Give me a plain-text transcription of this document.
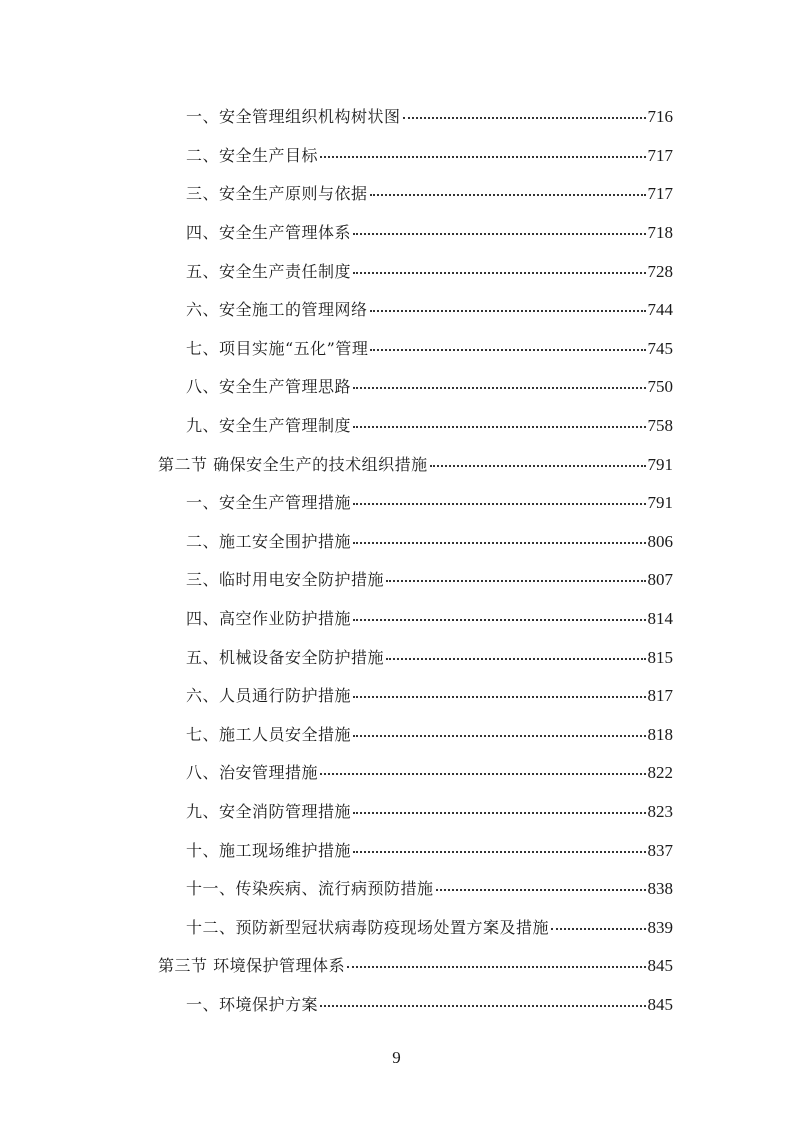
一、安全管理组织机构树状图	716
二、安全生产目标	717
三、安全生产原则与依据	717
四、安全生产管理体系	718
五、安全生产责任制度	728
六、安全施工的管理网络	744
七、项目实施“五化”管理	745
八、安全生产管理思路	750
九、安全生产管理制度	758
第二节 确保安全生产的技术组织措施	791
一、安全生产管理措施	791
二、施工安全围护措施	806
三、临时用电安全防护措施	807
四、高空作业防护措施	814
五、机械设备安全防护措施	815
六、人员通行防护措施	817
七、施工人员安全措施	818
八、治安管理措施	822
九、安全消防管理措施	823
十、施工现场维护措施	837
十一、传染疾病、流行病预防措施	838
十二、预防新型冠状病毒防疫现场处置方案及措施	839
第三节 环境保护管理体系	845
一、环境保护方案	845
9
